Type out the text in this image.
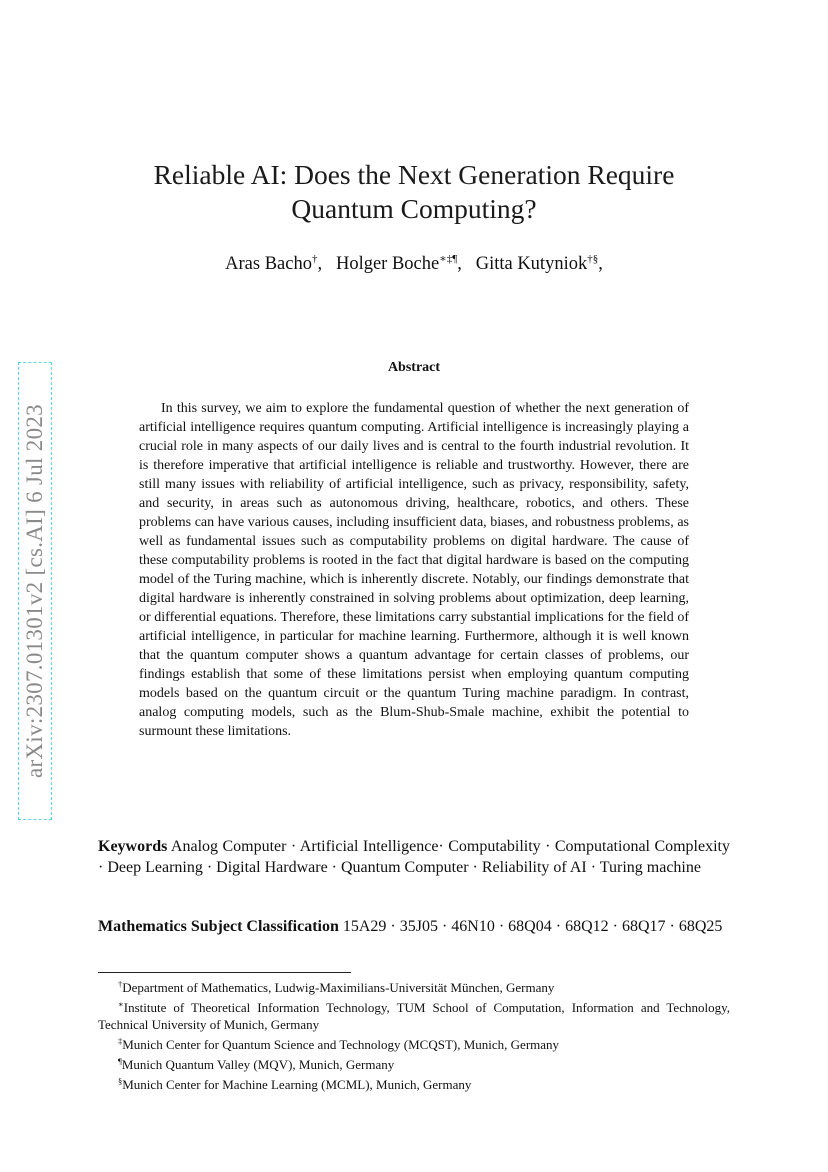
arXiv:2307.01301v2 [cs.AI] 6 Jul 2023
Reliable AI: Does the Next Generation Require
Quantum Computing?
Aras Bacho†,   Holger Boche∗‡¶,   Gitta Kutyniok†§,
Abstract

In this survey, we aim to explore the fundamental question of whether the next generation of artificial intelligence requires quantum computing. Artificial intelligence is increasingly playing a crucial role in many aspects of our daily lives and is central to the fourth industrial revolution. It is therefore imperative that artificial intelligence is reliable and trustworthy. However, there are still many issues with reliability of artificial intelligence, such as privacy, responsibility, safety, and security, in areas such as autonomous driving, healthcare, robotics, and others. These problems can have various causes, including insufficient data, biases, and robustness problems, as well as fundamental issues such as computability problems on digital hardware. The cause of these computability problems is rooted in the fact that digital hardware is based on the computing model of the Turing machine, which is inherently discrete. Notably, our findings demonstrate that digital hardware is inherently constrained in solving problems about optimization, deep learning, or differential equations. Therefore, these limitations carry substantial implications for the field of artificial intelligence, in particular for machine learning. Furthermore, although it is well known that the quantum computer shows a quantum advantage for certain classes of problems, our findings establish that some of these limitations persist when employing quantum computing models based on the quantum circuit or the quantum Turing machine paradigm. In contrast, analog computing models, such as the Blum-Shub-Smale machine, exhibit the potential to surmount these limitations.

Keywords Analog Computer · Artificial Intelligence· Computability · Computational Complexity · Deep Learning · Digital Hardware · Quantum Computer · Reliability of AI · Turing machine

Mathematics Subject Classification 15A29 · 35J05 · 46N10 · 68Q04 · 68Q12 · 68Q17 · 68Q25

†Department of Mathematics, Ludwig-Maximilians-Universität München, Germany

∗Institute of Theoretical Information Technology, TUM School of Computation, Information and Technology, Technical University of Munich, Germany

‡Munich Center for Quantum Science and Technology (MCQST), Munich, Germany

¶Munich Quantum Valley (MQV), Munich, Germany

§Munich Center for Machine Learning (MCML), Munich, Germany
